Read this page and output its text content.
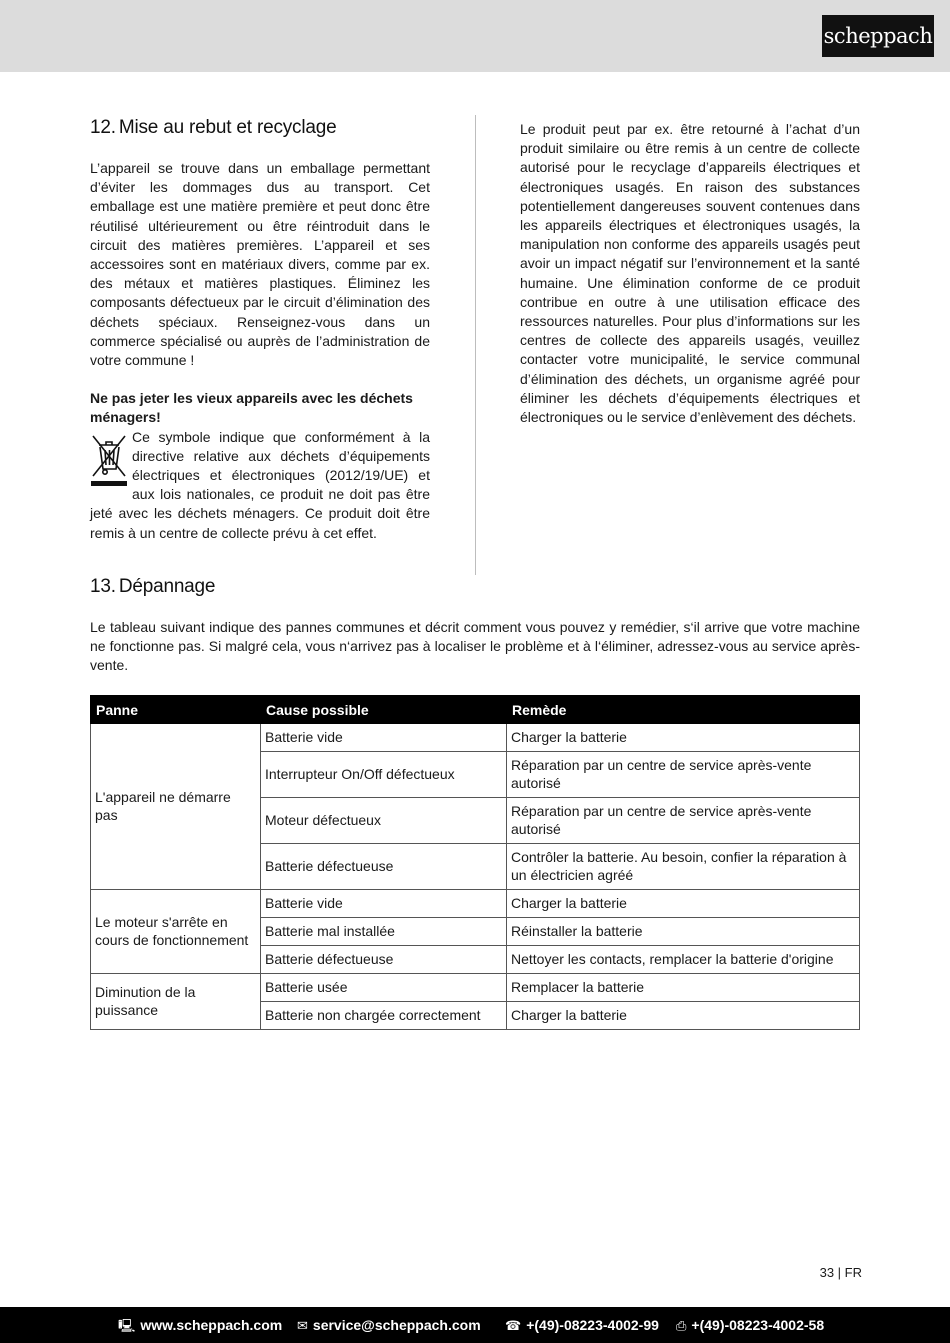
scheppach
12. Mise au rebut et recyclage

L’appareil se trouve dans un emballage permettant d’éviter les dommages dus au transport. Cet emballage est une matière première et peut donc être réutilisé ultérieurement ou être réintroduit dans le circuit des matières premières. L’appareil et ses accessoires sont en matériaux divers, comme par ex. des métaux et matières plastiques. Éliminez les composants défectueux par le circuit d’élimination des déchets spéciaux. Renseignez-vous dans un commerce spécialisé ou auprès de l’administration de votre commune !

Ne pas jeter les vieux appareils avec les déchets ménagers!

Ce symbole indique que conformément à la directive relative aux déchets d’équipements électriques et électroniques (2012/19/UE) et aux lois nationales, ce produit ne doit pas être jeté avec les déchets ménagers. Ce produit doit être remis à un centre de collecte prévu à cet effet.

Le produit peut par ex. être retourné à l’achat d’un produit similaire ou être remis à un centre de collecte autorisé pour le recyclage d’appareils électriques et électroniques usagés. En raison des substances potentiellement dangereuses souvent contenues dans les appareils électriques et électroniques usagés, la manipulation non conforme des appareils usagés peut avoir un impact négatif sur l’environnement et la santé humaine. Une élimination conforme de ce produit contribue en outre à une utilisation efficace des ressources naturelles. Pour plus d’informations sur les centres de collecte des appareils usagés, veuillez contacter votre municipalité, le service communal d’élimination des déchets, un organisme agréé pour éliminer les déchets d’équipements électriques et électroniques ou le service d’enlèvement des déchets.

13. Dépannage

Le tableau suivant indique des pannes communes et décrit comment vous pouvez y remédier, s‘il arrive que votre machine ne fonctionne pas. Si malgré cela, vous n‘arrivez pas à localiser le problème et à l‘éliminer, adressez-vous au service après-vente.

Panne	Cause possible	Remède
L'appareil ne démarre pas	Batterie vide	Charger la batterie
	Interrupteur On/Off défectueux	Réparation par un centre de service après-vente autorisé
	Moteur défectueux	Réparation par un centre de service après-vente autorisé
	Batterie défectueuse	Contrôler la batterie. Au besoin, confier la réparation à un électricien agréé
Le moteur s'arrête en cours de fonctionnement	Batterie vide	Charger la batterie
	Batterie mal installée	Réinstaller la batterie
	Batterie défectueuse	Nettoyer les contacts, remplacer la batterie d'origine
Diminution de la puissance	Batterie usée	Remplacer la batterie
	Batterie non chargée correctement	Charger la batterie
33 | FR
🖳 www.scheppach.com ✉ service@scheppach.com ☎ +(49)-08223-4002-99 ⎙ +(49)-08223-4002-58
